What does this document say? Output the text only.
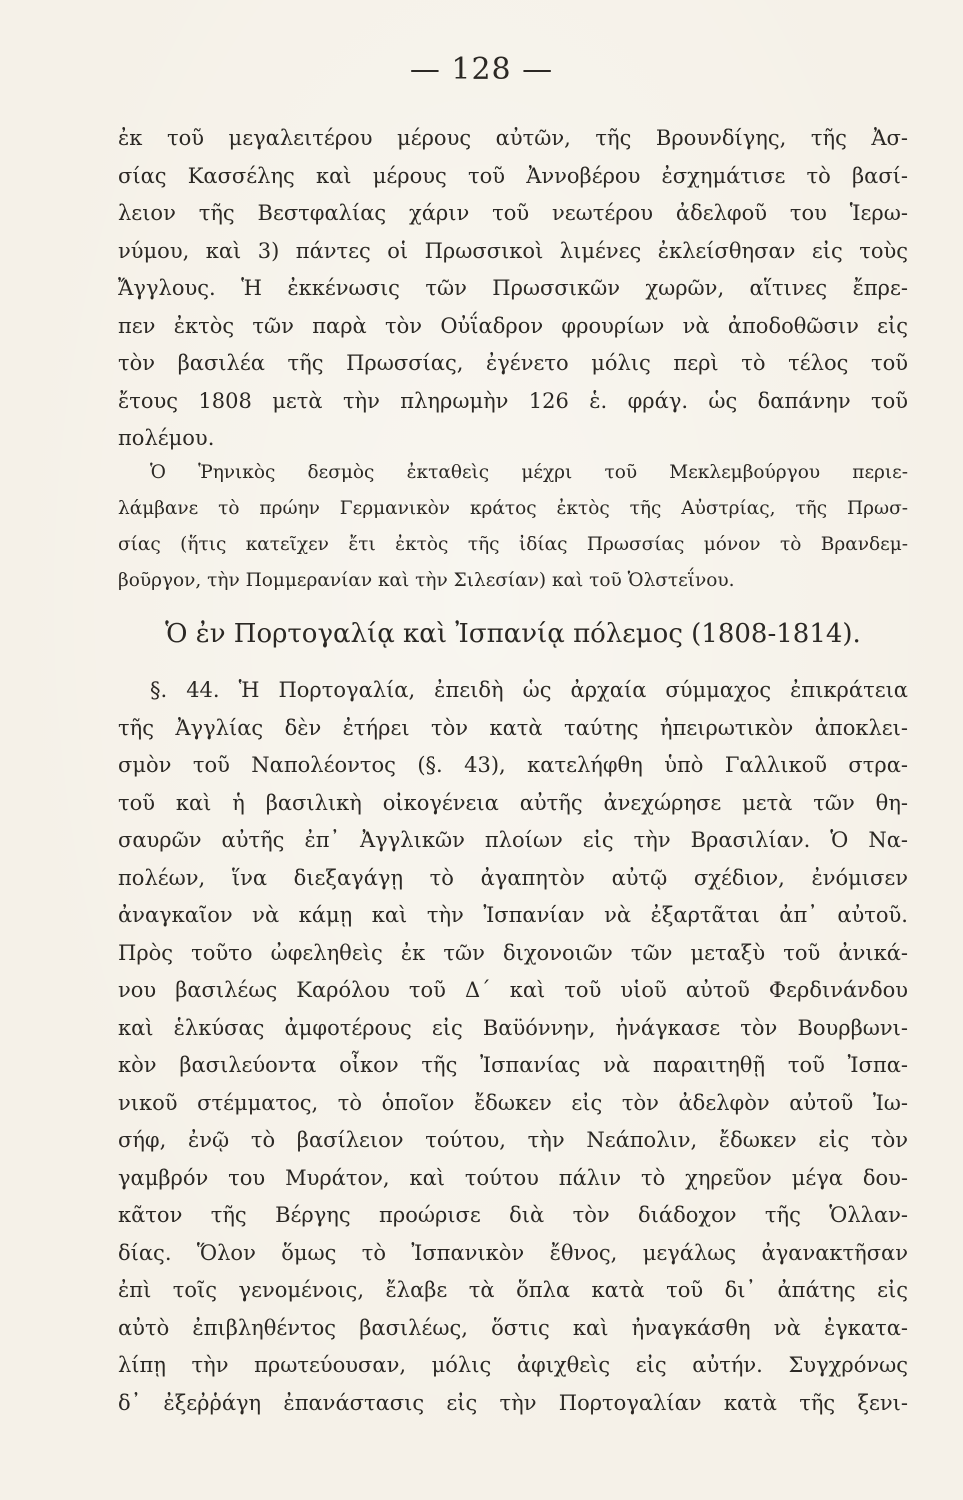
— 128 —
ἐκ τοῦ μεγαλειτέρου μέρους αὐτῶν, τῆς Βρουνδίγης, τῆς Ἀσ-
σίας Κασσέλης καὶ μέρους τοῦ Ἀννοβέρου ἐσχημάτισε τὸ βασί-
λειον τῆς Βεστφαλίας χάριν τοῦ νεωτέρου ἀδελφοῦ του Ἱερω-
νύμου, καὶ 3) πάντες οἱ Πρωσσικοὶ λιμένες ἐκλείσθησαν εἰς τοὺς
Ἄγγλους. Ἡ ἐκκένωσις τῶν Πρωσσικῶν χωρῶν, αἵτινες ἔπρε-
πεν ἐκτὸς τῶν παρὰ τὸν Οὐΐαδρον φρουρίων νὰ ἀποδοθῶσιν εἰς
τὸν βασιλέα τῆς Πρωσσίας, ἐγένετο μόλις περὶ τὸ τέλος τοῦ
ἔτους 1808 μετὰ τὴν πληρωμὴν 126 ἑ. φράγ. ὡς δαπάνην τοῦ
πολέμου.
Ὁ Ῥηνικὸς δεσμὸς ἐκταθεὶς μέχρι τοῦ Μεκλεμβούργου περιε-
λάμβανε τὸ πρώην Γερμανικὸν κράτος ἐκτὸς τῆς Αὐστρίας, τῆς Πρωσ-
σίας (ἥτις κατεῖχεν ἔτι ἐκτὸς τῆς ἰδίας Πρωσσίας μόνον τὸ Βρανδεμ-
βοῦργον, τὴν Πομμερανίαν καὶ τὴν Σιλεσίαν) καὶ τοῦ Ὁλστεΐνου.
Ὁ ἐν Πορτογαλίᾳ καὶ Ἰσπανίᾳ πόλεμος (1808-1814).
§. 44. Ἡ Πορτογαλία, ἐπειδὴ ὡς ἀρχαία σύμμαχος ἐπικράτεια
τῆς Ἀγγλίας δὲν ἐτήρει τὸν κατὰ ταύτης ἠπειρωτικὸν ἀποκλει-
σμὸν τοῦ Ναπολέοντος (§. 43), κατελήφθη ὑπὸ Γαλλικοῦ στρα-
τοῦ καὶ ἡ βασιλικὴ οἰκογένεια αὐτῆς ἀνεχώρησε μετὰ τῶν θη-
σαυρῶν αὐτῆς ἐπ᾽ Ἀγγλικῶν πλοίων εἰς τὴν Βρασιλίαν. Ὁ Να-
πολέων, ἵνα διεξαγάγῃ τὸ ἀγαπητὸν αὐτῷ σχέδιον, ἐνόμισεν
ἀναγκαῖον νὰ κάμῃ καὶ τὴν Ἰσπανίαν νὰ ἐξαρτᾶται ἀπ᾽ αὐτοῦ.
Πρὸς τοῦτο ὠφεληθεὶς ἐκ τῶν διχονοιῶν τῶν μεταξὺ τοῦ ἀνικά-
νου βασιλέως Καρόλου τοῦ Δ΄ καὶ τοῦ υἱοῦ αὐτοῦ Φερδινάνδου
καὶ ἑλκύσας ἀμφοτέρους εἰς Βαϋόννην, ἠνάγκασε τὸν Βουρβωνι-
κὸν βασιλεύοντα οἶκον τῆς Ἰσπανίας νὰ παραιτηθῇ τοῦ Ἰσπα-
νικοῦ στέμματος, τὸ ὁποῖον ἔδωκεν εἰς τὸν ἀδελφὸν αὐτοῦ Ἰω-
σήφ, ἐνῷ τὸ βασίλειον τούτου, τὴν Νεάπολιν, ἔδωκεν εἰς τὸν
γαμβρόν του Μυράτον, καὶ τούτου πάλιν τὸ χηρεῦον μέγα δου-
κᾶτον τῆς Βέργης προώρισε διὰ τὸν διάδοχον τῆς Ὁλλαν-
δίας. Ὅλον ὅμως τὸ Ἰσπανικὸν ἔθνος, μεγάλως ἀγανακτῆσαν
ἐπὶ τοῖς γενομένοις, ἔλαβε τὰ ὅπλα κατὰ τοῦ δι᾽ ἀπάτης εἰς
αὐτὸ ἐπιβληθέντος βασιλέως, ὅστις καὶ ἠναγκάσθη νὰ ἐγκατα-
λίπῃ τὴν πρωτεύουσαν, μόλις ἀφιχθεὶς εἰς αὐτήν. Συγχρόνως
δ᾽ ἐξεῤῥάγη ἐπανάστασις εἰς τὴν Πορτογαλίαν κατὰ τῆς ξενι-
